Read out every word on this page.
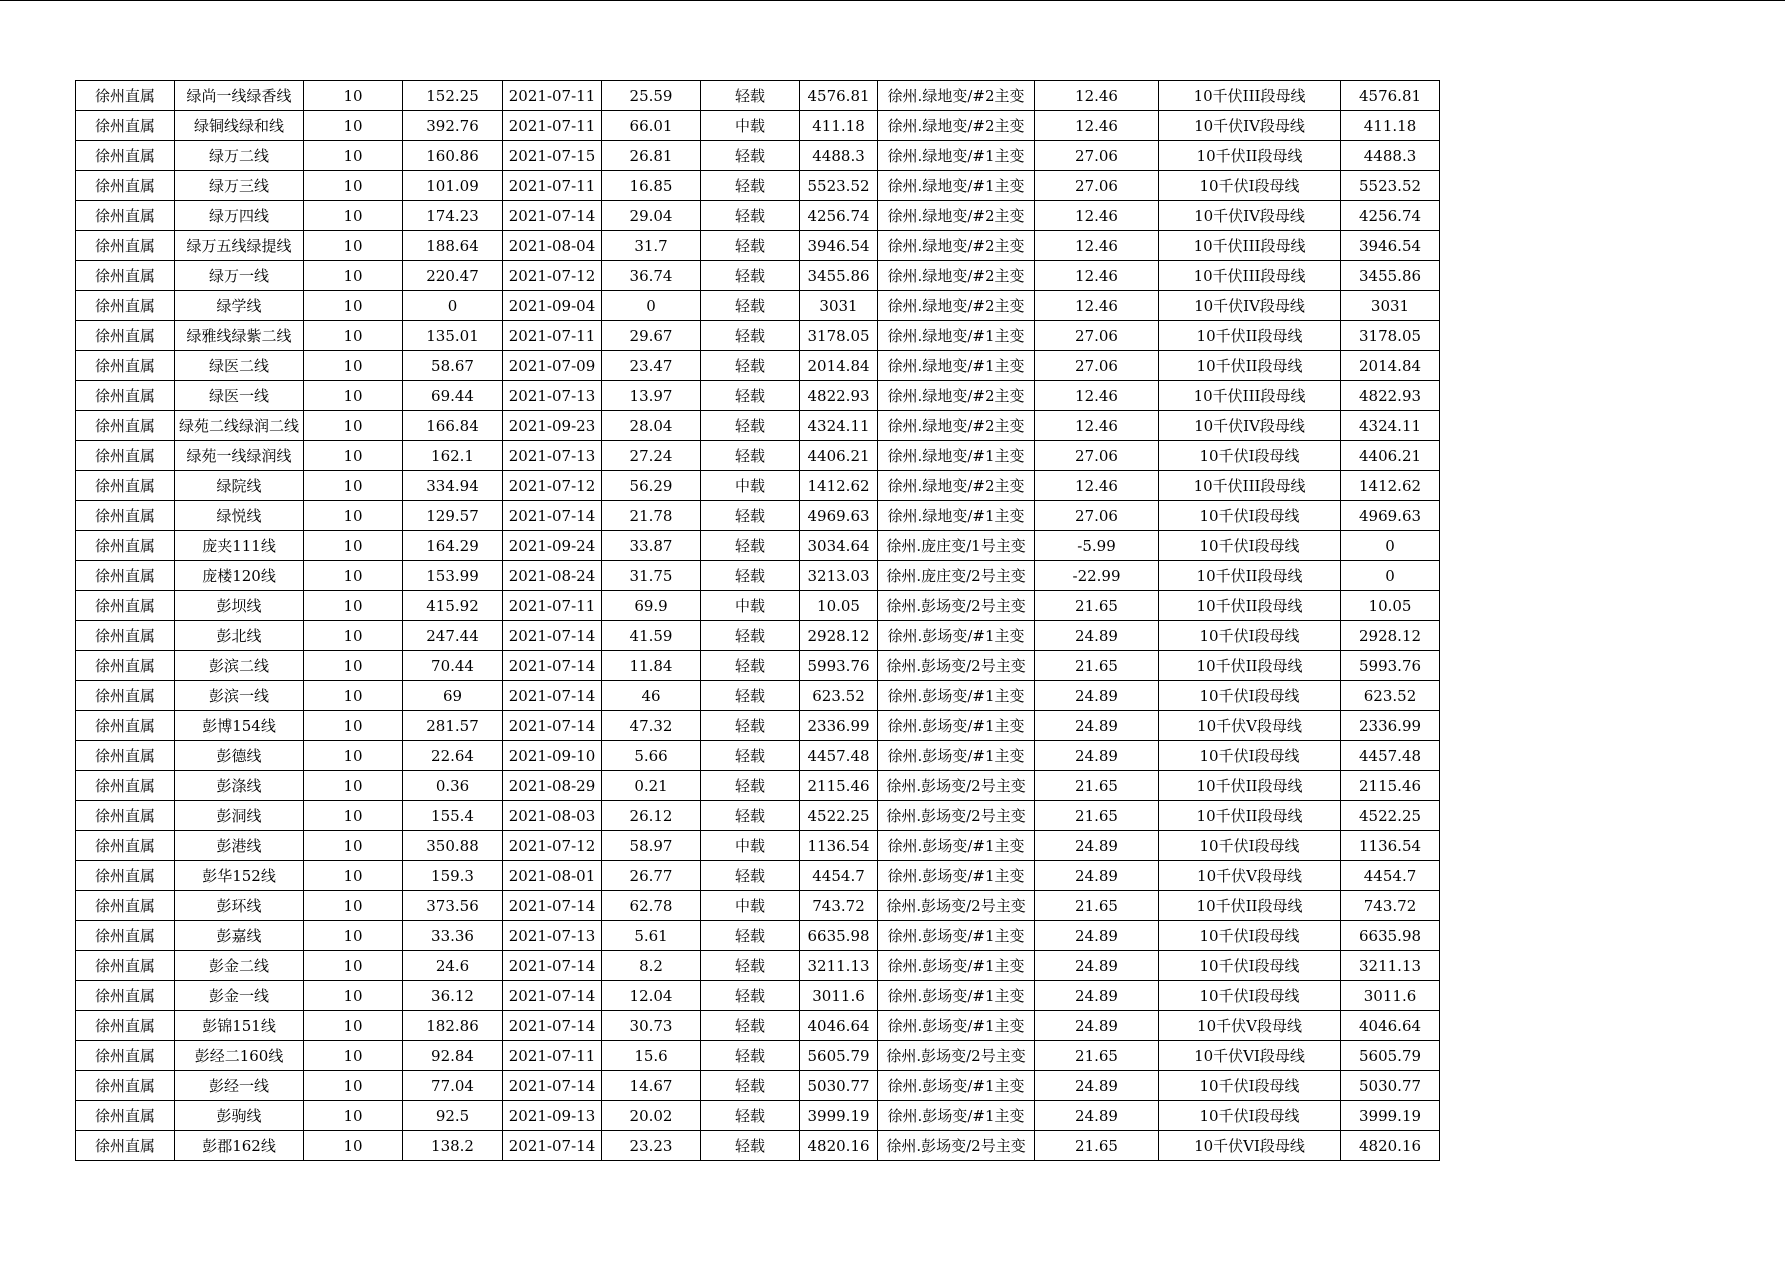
徐州直属	绿尚一线绿香线	10	152.25	2021-07-11	25.59	轻载	4576.81	徐州.绿地变/#2主变	12.46	10千伏III段母线	4576.81
徐州直属	绿铜线绿和线	10	392.76	2021-07-11	66.01	中载	411.18	徐州.绿地变/#2主变	12.46	10千伏IV段母线	411.18
徐州直属	绿万二线	10	160.86	2021-07-15	26.81	轻载	4488.3	徐州.绿地变/#1主变	27.06	10千伏II段母线	4488.3
徐州直属	绿万三线	10	101.09	2021-07-11	16.85	轻载	5523.52	徐州.绿地变/#1主变	27.06	10千伏I段母线	5523.52
徐州直属	绿万四线	10	174.23	2021-07-14	29.04	轻载	4256.74	徐州.绿地变/#2主变	12.46	10千伏IV段母线	4256.74
徐州直属	绿万五线绿提线	10	188.64	2021-08-04	31.7	轻载	3946.54	徐州.绿地变/#2主变	12.46	10千伏III段母线	3946.54
徐州直属	绿万一线	10	220.47	2021-07-12	36.74	轻载	3455.86	徐州.绿地变/#2主变	12.46	10千伏III段母线	3455.86
徐州直属	绿学线	10	0	2021-09-04	0	轻载	3031	徐州.绿地变/#2主变	12.46	10千伏IV段母线	3031
徐州直属	绿雅线绿紫二线	10	135.01	2021-07-11	29.67	轻载	3178.05	徐州.绿地变/#1主变	27.06	10千伏II段母线	3178.05
徐州直属	绿医二线	10	58.67	2021-07-09	23.47	轻载	2014.84	徐州.绿地变/#1主变	27.06	10千伏II段母线	2014.84
徐州直属	绿医一线	10	69.44	2021-07-13	13.97	轻载	4822.93	徐州.绿地变/#2主变	12.46	10千伏III段母线	4822.93
徐州直属	绿苑二线绿润二线	10	166.84	2021-09-23	28.04	轻载	4324.11	徐州.绿地变/#2主变	12.46	10千伏IV段母线	4324.11
徐州直属	绿苑一线绿润线	10	162.1	2021-07-13	27.24	轻载	4406.21	徐州.绿地变/#1主变	27.06	10千伏I段母线	4406.21
徐州直属	绿院线	10	334.94	2021-07-12	56.29	中载	1412.62	徐州.绿地变/#2主变	12.46	10千伏III段母线	1412.62
徐州直属	绿悦线	10	129.57	2021-07-14	21.78	轻载	4969.63	徐州.绿地变/#1主变	27.06	10千伏I段母线	4969.63
徐州直属	庞夹111线	10	164.29	2021-09-24	33.87	轻载	3034.64	徐州.庞庄变/1号主变	-5.99	10千伏I段母线	0
徐州直属	庞楼120线	10	153.99	2021-08-24	31.75	轻载	3213.03	徐州.庞庄变/2号主变	-22.99	10千伏II段母线	0
徐州直属	彭坝线	10	415.92	2021-07-11	69.9	中载	10.05	徐州.彭场变/2号主变	21.65	10千伏II段母线	10.05
徐州直属	彭北线	10	247.44	2021-07-14	41.59	轻载	2928.12	徐州.彭场变/#1主变	24.89	10千伏I段母线	2928.12
徐州直属	彭滨二线	10	70.44	2021-07-14	11.84	轻载	5993.76	徐州.彭场变/2号主变	21.65	10千伏II段母线	5993.76
徐州直属	彭滨一线	10	69	2021-07-14	46	轻载	623.52	徐州.彭场变/#1主变	24.89	10千伏I段母线	623.52
徐州直属	彭博154线	10	281.57	2021-07-14	47.32	轻载	2336.99	徐州.彭场变/#1主变	24.89	10千伏V段母线	2336.99
徐州直属	彭德线	10	22.64	2021-09-10	5.66	轻载	4457.48	徐州.彭场变/#1主变	24.89	10千伏I段母线	4457.48
徐州直属	彭涤线	10	0.36	2021-08-29	0.21	轻载	2115.46	徐州.彭场变/2号主变	21.65	10千伏II段母线	2115.46
徐州直属	彭洞线	10	155.4	2021-08-03	26.12	轻载	4522.25	徐州.彭场变/2号主变	21.65	10千伏II段母线	4522.25
徐州直属	彭港线	10	350.88	2021-07-12	58.97	中载	1136.54	徐州.彭场变/#1主变	24.89	10千伏I段母线	1136.54
徐州直属	彭华152线	10	159.3	2021-08-01	26.77	轻载	4454.7	徐州.彭场变/#1主变	24.89	10千伏V段母线	4454.7
徐州直属	彭环线	10	373.56	2021-07-14	62.78	中载	743.72	徐州.彭场变/2号主变	21.65	10千伏II段母线	743.72
徐州直属	彭嘉线	10	33.36	2021-07-13	5.61	轻载	6635.98	徐州.彭场变/#1主变	24.89	10千伏I段母线	6635.98
徐州直属	彭金二线	10	24.6	2021-07-14	8.2	轻载	3211.13	徐州.彭场变/#1主变	24.89	10千伏I段母线	3211.13
徐州直属	彭金一线	10	36.12	2021-07-14	12.04	轻载	3011.6	徐州.彭场变/#1主变	24.89	10千伏I段母线	3011.6
徐州直属	彭锦151线	10	182.86	2021-07-14	30.73	轻载	4046.64	徐州.彭场变/#1主变	24.89	10千伏V段母线	4046.64
徐州直属	彭经二160线	10	92.84	2021-07-11	15.6	轻载	5605.79	徐州.彭场变/2号主变	21.65	10千伏VI段母线	5605.79
徐州直属	彭经一线	10	77.04	2021-07-14	14.67	轻载	5030.77	徐州.彭场变/#1主变	24.89	10千伏I段母线	5030.77
徐州直属	彭驹线	10	92.5	2021-09-13	20.02	轻载	3999.19	徐州.彭场变/#1主变	24.89	10千伏I段母线	3999.19
徐州直属	彭郡162线	10	138.2	2021-07-14	23.23	轻载	4820.16	徐州.彭场变/2号主变	21.65	10千伏VI段母线	4820.16
